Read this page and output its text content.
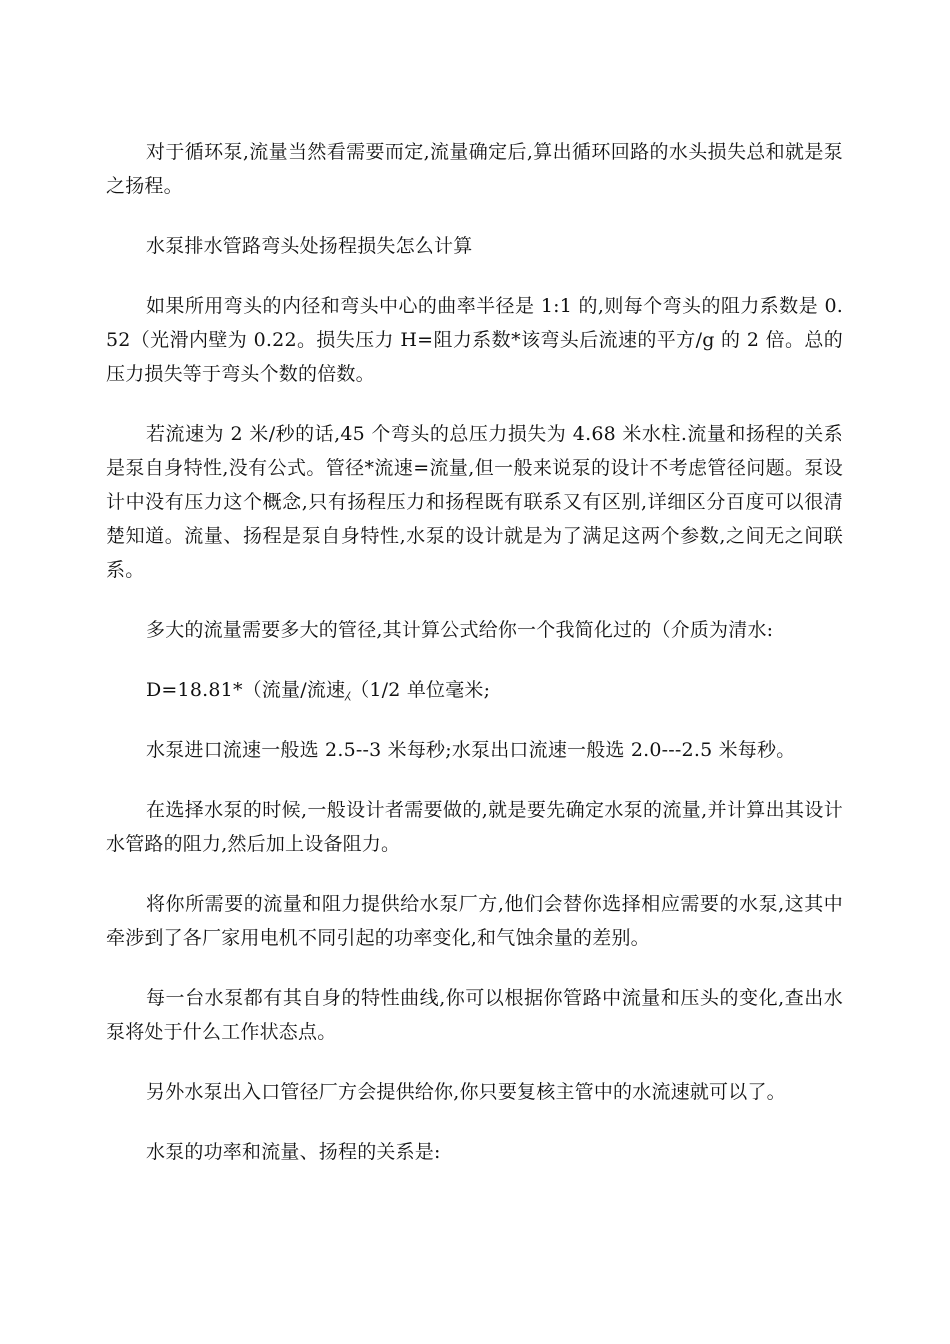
对于循环泵,流量当然看需要而定,流量确定后,算出循环回路的水头损失总和就是泵之扬程。

水泵排水管路弯头处扬程损失怎么计算

如果所用弯头的内径和弯头中心的曲率半径是 1:1 的,则每个弯头的阻力系数是 0.52（光滑内壁为 0.22。损失压力 H=阻力系数*该弯头后流速的平方/g 的 2 倍。总的压力损失等于弯头个数的倍数。

若流速为 2 米/秒的话,45 个弯头的总压力损失为 4.68 米水柱.流量和扬程的关系是泵自身特性,没有公式。管径*流速=流量,但一般来说泵的设计不考虑管径问题。泵设计中没有压力这个概念,只有扬程压力和扬程既有联系又有区别,详细区分百度可以很清楚知道。流量、扬程是泵自身特性,水泵的设计就是为了满足这两个参数,之间无之间联系。

多大的流量需要多大的管径,其计算公式给你一个我简化过的（介质为清水:

D=18.81*（流量/流速⁁（1/2 单位毫米;

水泵进口流速一般选 2.5--3 米每秒;水泵出口流速一般选 2.0---2.5 米每秒。

在选择水泵的时候,一般设计者需要做的,就是要先确定水泵的流量,并计算出其设计水管路的阻力,然后加上设备阻力。

将你所需要的流量和阻力提供给水泵厂方,他们会替你选择相应需要的水泵,这其中牵涉到了各厂家用电机不同引起的功率变化,和气蚀余量的差别。

每一台水泵都有其自身的特性曲线,你可以根据你管路中流量和压头的变化,查出水泵将处于什么工作状态点。

另外水泵出入口管径厂方会提供给你,你只要复核主管中的水流速就可以了。

水泵的功率和流量、扬程的关系是:
